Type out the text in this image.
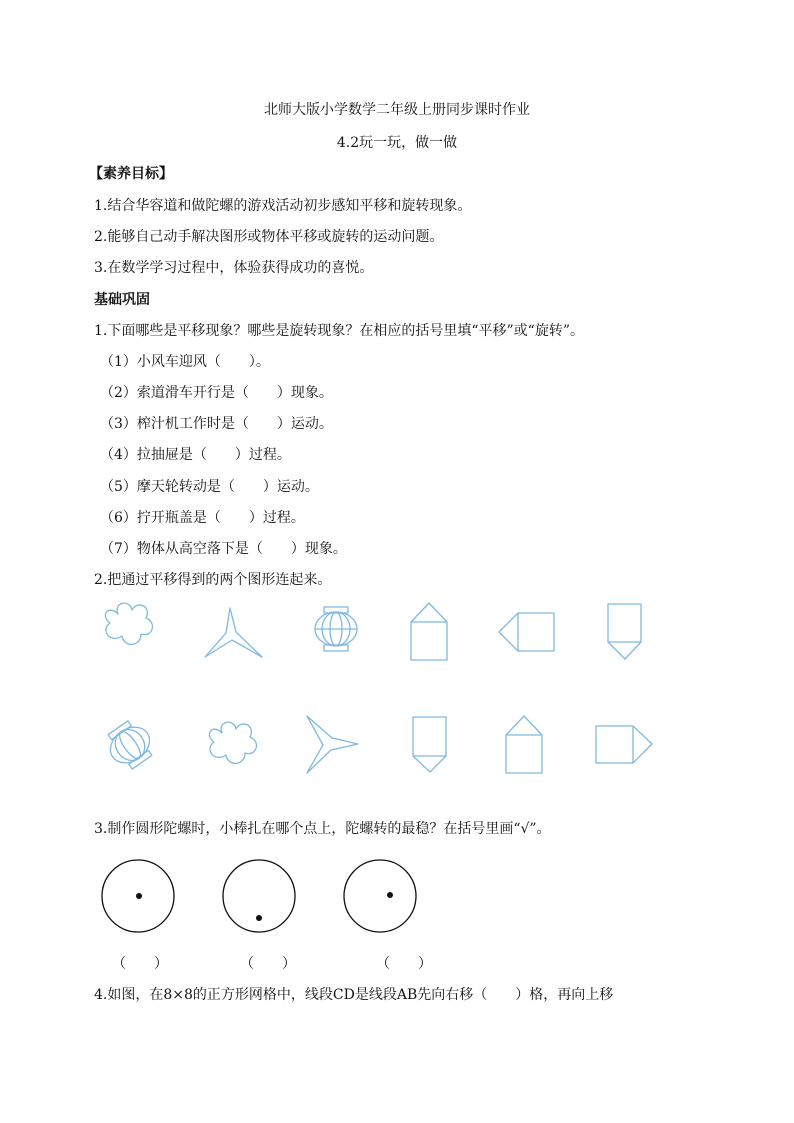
北师大版小学数学二年级上册同步课时作业
4.2玩一玩，做一做
【素养目标】
1.结合华容道和做陀螺的游戏活动初步感知平移和旋转现象。
2.能够自己动手解决图形或物体平移或旋转的运动问题。
3.在数学学习过程中，体验获得成功的喜悦。
基础巩固
1.下面哪些是平移现象？哪些是旋转现象？在相应的括号里填“平移”或“旋转”。
（1）小风车迎风（　　）。
（2）索道滑车开行是（　　）现象。
（3）榨汁机工作时是（　　）运动。
（4）拉抽屉是（　　）过程。
（5）摩天轮转动是（　　）运动。
（6）拧开瓶盖是（　　）过程。
（7）物体从高空落下是（　　）现象。
2.把通过平移得到的两个图形连起来。
3.制作圆形陀螺时，小棒扎在哪个点上，陀螺转的最稳？在括号里画“√”。
（　　）	（　　）	（　　）
4.如图，在8×8的正方形网格中，线段CD是线段AB先向右移（　　）格，再向上移
